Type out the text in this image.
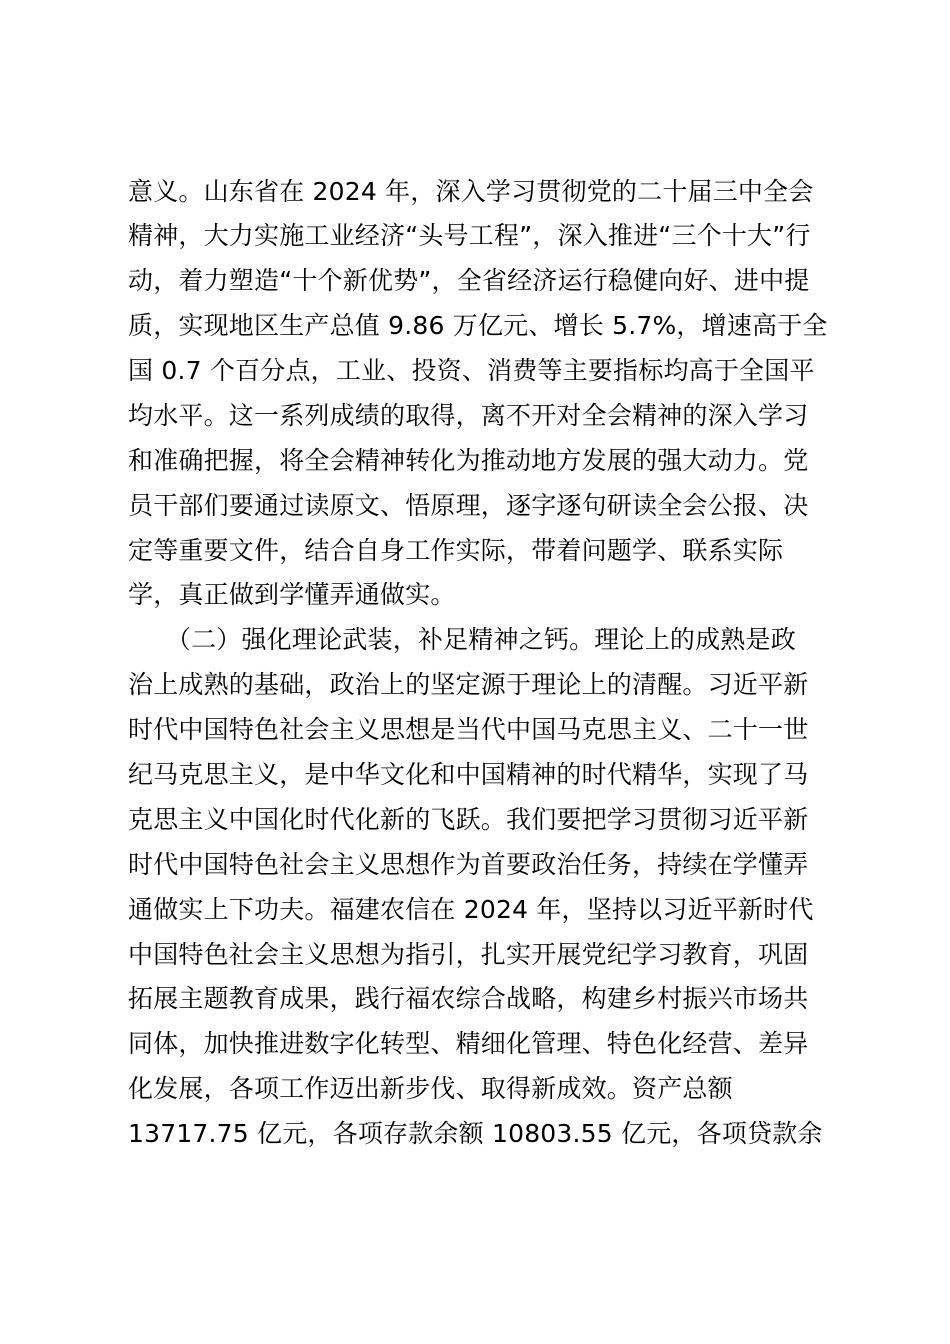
意义。山东省在 2024 年，深入学习贯彻党的二十届三中全会
精神，大力实施工业经济“头号工程”，深入推进“三个十大”行
动，着力塑造“十个新优势”，全省经济运行稳健向好、进中提
质，实现地区生产总值 9.86 万亿元、增长 5.7%，增速高于全
国 0.7 个百分点，工业、投资、消费等主要指标均高于全国平
均水平。这一系列成绩的取得，离不开对全会精神的深入学习
和准确把握，将全会精神转化为推动地方发展的强大动力。党
员干部们要通过读原文、悟原理，逐字逐句研读全会公报、决
定等重要文件，结合自身工作实际，带着问题学、联系实际
学，真正做到学懂弄通做实。
　　（二）强化理论武装，补足精神之钙。理论上的成熟是政
治上成熟的基础，政治上的坚定源于理论上的清醒。习近平新
时代中国特色社会主义思想是当代中国马克思主义、二十一世
纪马克思主义，是中华文化和中国精神的时代精华，实现了马
克思主义中国化时代化新的飞跃。我们要把学习贯彻习近平新
时代中国特色社会主义思想作为首要政治任务，持续在学懂弄
通做实上下功夫。福建农信在 2024 年，坚持以习近平新时代
中国特色社会主义思想为指引，扎实开展党纪学习教育，巩固
拓展主题教育成果，践行福农综合战略，构建乡村振兴市场共
同体，加快推进数字化转型、精细化管理、特色化经营、差异
化发展，各项工作迈出新步伐、取得新成效。资产总额
13717.75 亿元，各项存款余额 10803.55 亿元，各项贷款余
